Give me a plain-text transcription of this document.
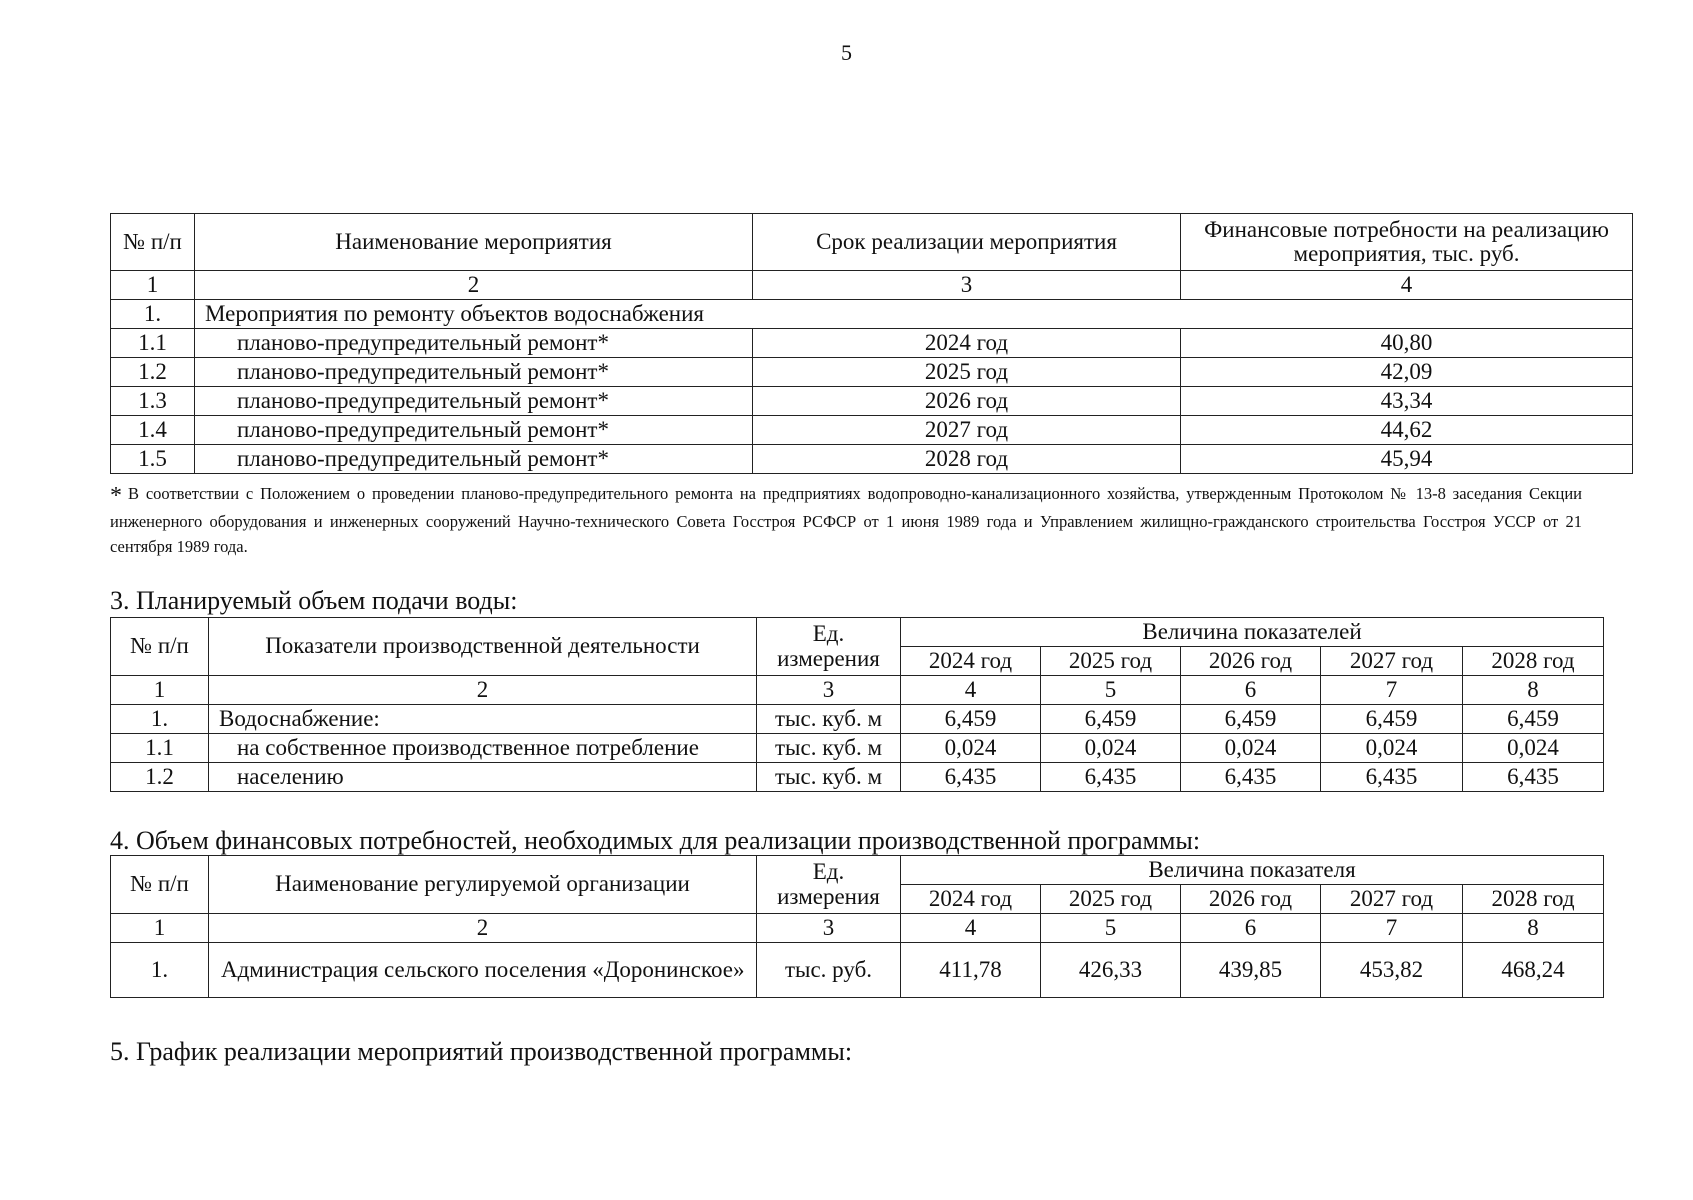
5
№ п/п	Наименование мероприятия	Срок реализации мероприятия	Финансовые потребности на реализацию мероприятия, тыс. руб.
1	2	3	4
1.	Мероприятия по ремонту объектов водоснабжения		
1.1	планово-предупредительный ремонт*	2024 год	40,80
1.2	планово-предупредительный ремонт*	2025 год	42,09
1.3	планово-предупредительный ремонт*	2026 год	43,34
1.4	планово-предупредительный ремонт*	2027 год	44,62
1.5	планово-предупредительный ремонт*	2028 год	45,94
* В соответствии с Положением о проведении планово-предупредительного ремонта на предприятиях водопроводно-канализационного хозяйства, утвержденным Протоколом № 13-8 заседания Секции инженерного оборудования и инженерных сооружений Научно-технического Совета Госстроя РСФСР от 1 июня 1989 года и Управлением жилищно-гражданского строительства Госстроя УССР от 21 сентября 1989 года.
3. Планируемый объем подачи воды:
№ п/п	Показатели производственной деятельности	Ед. измерения	Величина показателей				
			2024 год	2025 год	2026 год	2027 год	2028 год
1	2	3	4	5	6	7	8
1.	Водоснабжение:	тыс. куб. м	6,459	6,459	6,459	6,459	6,459
1.1	на собственное производственное потребление	тыс. куб. м	0,024	0,024	0,024	0,024	0,024
1.2	населению	тыс. куб. м	6,435	6,435	6,435	6,435	6,435
4. Объем финансовых потребностей, необходимых для реализации производственной программы:
№ п/п	Наименование регулируемой организации	Ед. измерения	Величина показателя				
			2024 год	2025 год	2026 год	2027 год	2028 год
1	2	3	4	5	6	7	8
1.	Администрация сельского поселения «Доронинское»	тыс. руб.	411,78	426,33	439,85	453,82	468,24
5. График реализации мероприятий производственной программы:
